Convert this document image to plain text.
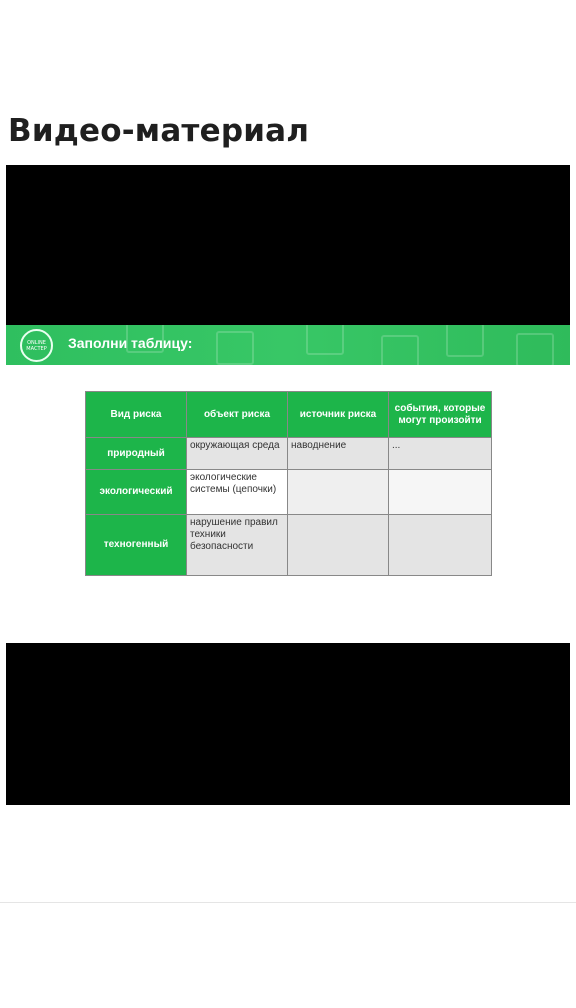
Видео-материал
ONLINE МАСТЕР	Заполни таблицу:
Вид риска	объект риска	источник риска	события, которые могут произойти
природный	окружающая среда	наводнение	...
экологический	экологические системы (цепочки)		
техногенный	нарушение правил техники безопасности		
